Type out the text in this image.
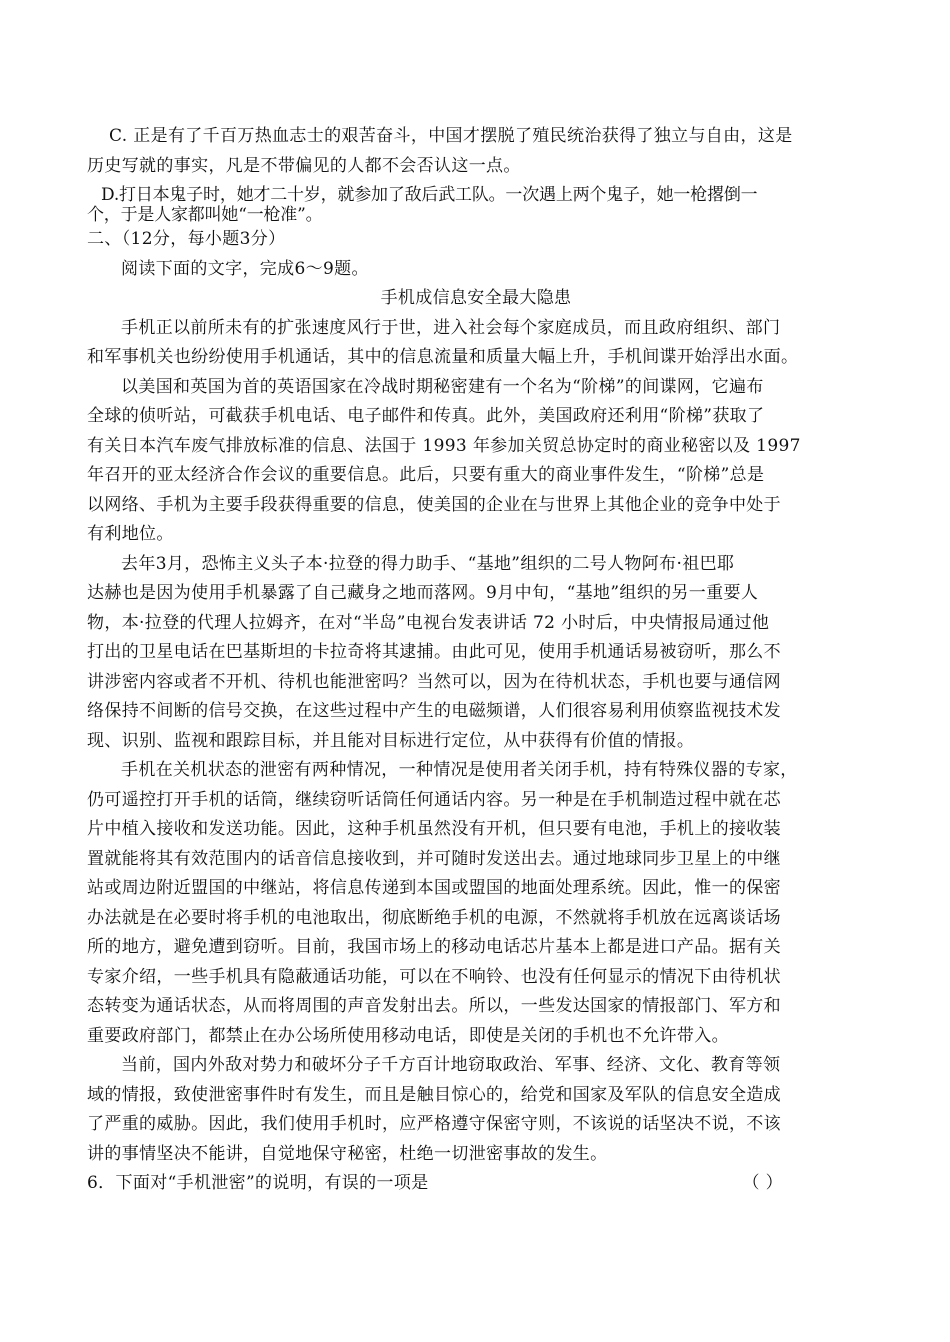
C. 正是有了千百万热血志士的艰苦奋斗，中国才摆脱了殖民统治获得了独立与自由，这是
历史写就的事实，凡是不带偏见的人都不会否认这一点。
D.打日本鬼子时，她才二十岁，就参加了敌后武工队。一次遇上两个鬼子，她一枪撂倒一
个，于是人家都叫她“一枪准”。
二、（12分，每小题3分）
阅读下面的文字，完成6～9题。
手机成信息安全最大隐患
手机正以前所未有的扩张速度风行于世，进入社会每个家庭成员，而且政府组织、部门
和军事机关也纷纷使用手机通话，其中的信息流量和质量大幅上升，手机间谍开始浮出水面。
以美国和英国为首的英语国家在冷战时期秘密建有一个名为“阶梯”的间谍网，它遍布
全球的侦听站，可截获手机电话、电子邮件和传真。此外，美国政府还利用“阶梯”获取了
有关日本汽车废气排放标准的信息、法国于 1993 年参加关贸总协定时的商业秘密以及 1997
年召开的亚太经济合作会议的重要信息。此后，只要有重大的商业事件发生，“阶梯”总是
以网络、手机为主要手段获得重要的信息，使美国的企业在与世界上其他企业的竞争中处于
有利地位。
去年3月，恐怖主义头子本·拉登的得力助手、“基地”组织的二号人物阿布·祖巴耶
达赫也是因为使用手机暴露了自己藏身之地而落网。9月中旬，“基地”组织的另一重要人
物，本·拉登的代理人拉姆齐，在对“半岛”电视台发表讲话 72 小时后，中央情报局通过他
打出的卫星电话在巴基斯坦的卡拉奇将其逮捕。由此可见，使用手机通话易被窃听，那么不
讲涉密内容或者不开机、待机也能泄密吗？当然可以，因为在待机状态，手机也要与通信网
络保持不间断的信号交换，在这些过程中产生的电磁频谱，人们很容易利用侦察监视技术发
现、识别、监视和跟踪目标，并且能对目标进行定位，从中获得有价值的情报。
手机在关机状态的泄密有两种情况，一种情况是使用者关闭手机，持有特殊仪器的专家，
仍可遥控打开手机的话筒，继续窃听话筒任何通话内容。另一种是在手机制造过程中就在芯
片中植入接收和发送功能。因此，这种手机虽然没有开机，但只要有电池，手机上的接收装
置就能将其有效范围内的话音信息接收到，并可随时发送出去。通过地球同步卫星上的中继
站或周边附近盟国的中继站，将信息传递到本国或盟国的地面处理系统。因此，惟一的保密
办法就是在必要时将手机的电池取出，彻底断绝手机的电源，不然就将手机放在远离谈话场
所的地方，避免遭到窃听。目前，我国市场上的移动电话芯片基本上都是进口产品。据有关
专家介绍，一些手机具有隐蔽通话功能，可以在不响铃、也没有任何显示的情况下由待机状
态转变为通话状态，从而将周围的声音发射出去。所以，一些发达国家的情报部门、军方和
重要政府部门，都禁止在办公场所使用移动电话，即使是关闭的手机也不允许带入。
当前，国内外敌对势力和破坏分子千方百计地窃取政治、军事、经济、文化、教育等领
域的情报，致使泄密事件时有发生，而且是触目惊心的，给党和国家及军队的信息安全造成
了严重的威胁。因此，我们使用手机时，应严格遵守保密守则，不该说的话坚决不说，不该
讲的事情坚决不能讲，自觉地保守秘密，杜绝一切泄密事故的发生。
6．下面对“手机泄密”的说明，有误的一项是	（ ）
